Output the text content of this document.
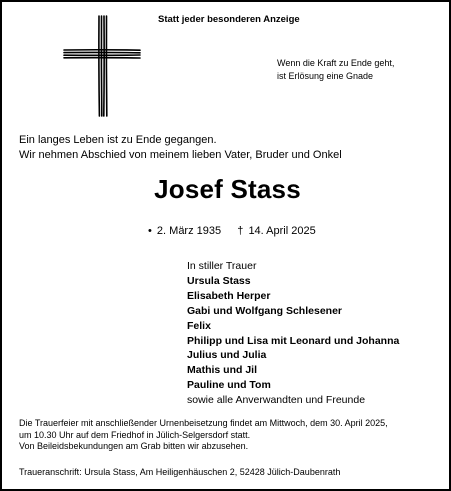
Statt jeder besonderen Anzeige
Wenn die Kraft zu Ende geht,
ist Erlösung eine Gnade
Ein langes Leben ist zu Ende gegangen.
Wir nehmen Abschied von meinem lieben Vater, Bruder und Onkel
Josef Stass
• 2. März 1935 † 14. April 2025
In stiller Trauer
Ursula Stass
Elisabeth Herper
Gabi und Wolfgang Schlesener
Felix
Philipp und Lisa mit Leonard und Johanna
Julius und Julia
Mathis und Jil
Pauline und Tom
sowie alle Anverwandten und Freunde
Die Trauerfeier mit anschließender Urnenbeisetzung findet am Mittwoch, dem 30. April 2025,
um 10.30 Uhr auf dem Friedhof in Jülich-Selgersdorf statt.
Von Beileidsbekundungen am Grab bitten wir abzusehen.
Traueranschrift: Ursula Stass, Am Heiligenhäuschen 2, 52428 Jülich-Daubenrath
